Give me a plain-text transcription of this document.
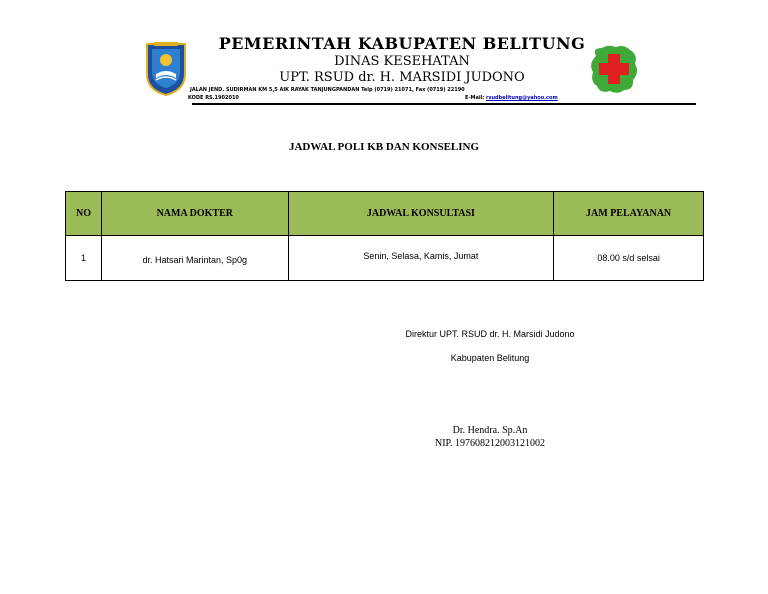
PEMERINTAH KABUPATEN BELITUNG
DINAS KESEHATAN
UPT. RSUD dr. H. MARSIDI JUDONO
JALAN JEND. SUDIRMAN KM 5,5 AIK RAYAK TANJUNGPANDAN Telp (0719) 21071, Fax (0719) 22190
KODE RS.1902010	E-Mail: rsudbelitung@yahoo.com
JADWAL POLI KB DAN KONSELING
NO	NAMA DOKTER	JADWAL KONSULTASI	JAM PELAYANAN
1	dr. Hatsari Marintan, Sp0g	Senin, Selasa, Kamis, Jumat	08.00 s/d selsai
Direktur UPT. RSUD dr. H. Marsidi Judono
Kabupaten Belitung
Dr. Hendra. Sp.An
NIP. 197608212003121002
